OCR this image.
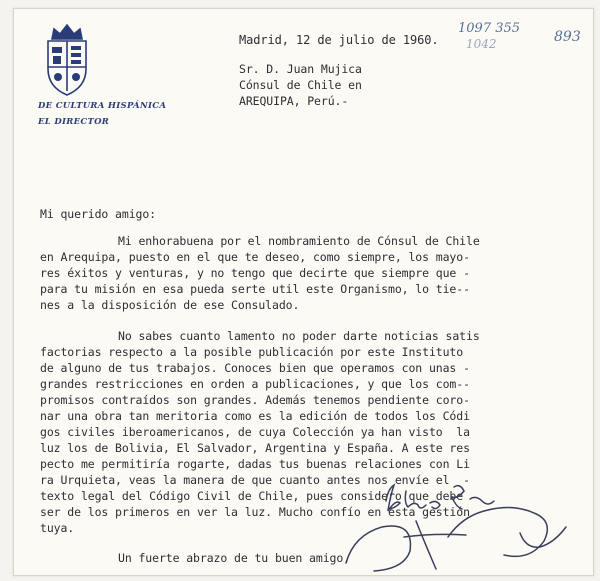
DE CULTURA HISPÁNICA
EL DIRECTOR
1097 355
1042	893
Madrid, 12 de julio de 1960.
Sr. D. Juan Mujica
Cónsul de Chile en
AREQUIPA, Perú.-
Mi querido amigo:
Mi enhorabuena por el nombramiento de Cónsul de Chile
en Arequipa, puesto en el que te deseo, como siempre, los mayo-
res éxitos y venturas, y no tengo que decirte que siempre que -
para tu misión en esa pueda serte util este Organismo, lo tie--
nes a la disposición de ese Consulado.
No sabes cuanto lamento no poder darte noticias satis
factorias respecto a la posible publicación por este Instituto
de alguno de tus trabajos. Conoces bien que operamos con unas -
grandes restricciones en orden a publicaciones, y que los com--
promisos contraídos son grandes. Además tenemos pendiente coro-
nar una obra tan meritoria como es la edición de todos los Códi
gos civiles iberoamericanos, de cuya Colección ya han visto  la
luz los de Bolivia, El Salvador, Argentina y España. A este res
pecto me permitiría rogarte, dadas tus buenas relaciones con Li
ra Urquieta, veas la manera de que cuanto antes nos envíe el  -
texto legal del Código Civil de Chile, pues considero que debe
ser de los primeros en ver la luz. Mucho confío en esta gestión
tuya.
Un fuerte abrazo de tu buen amigo,
